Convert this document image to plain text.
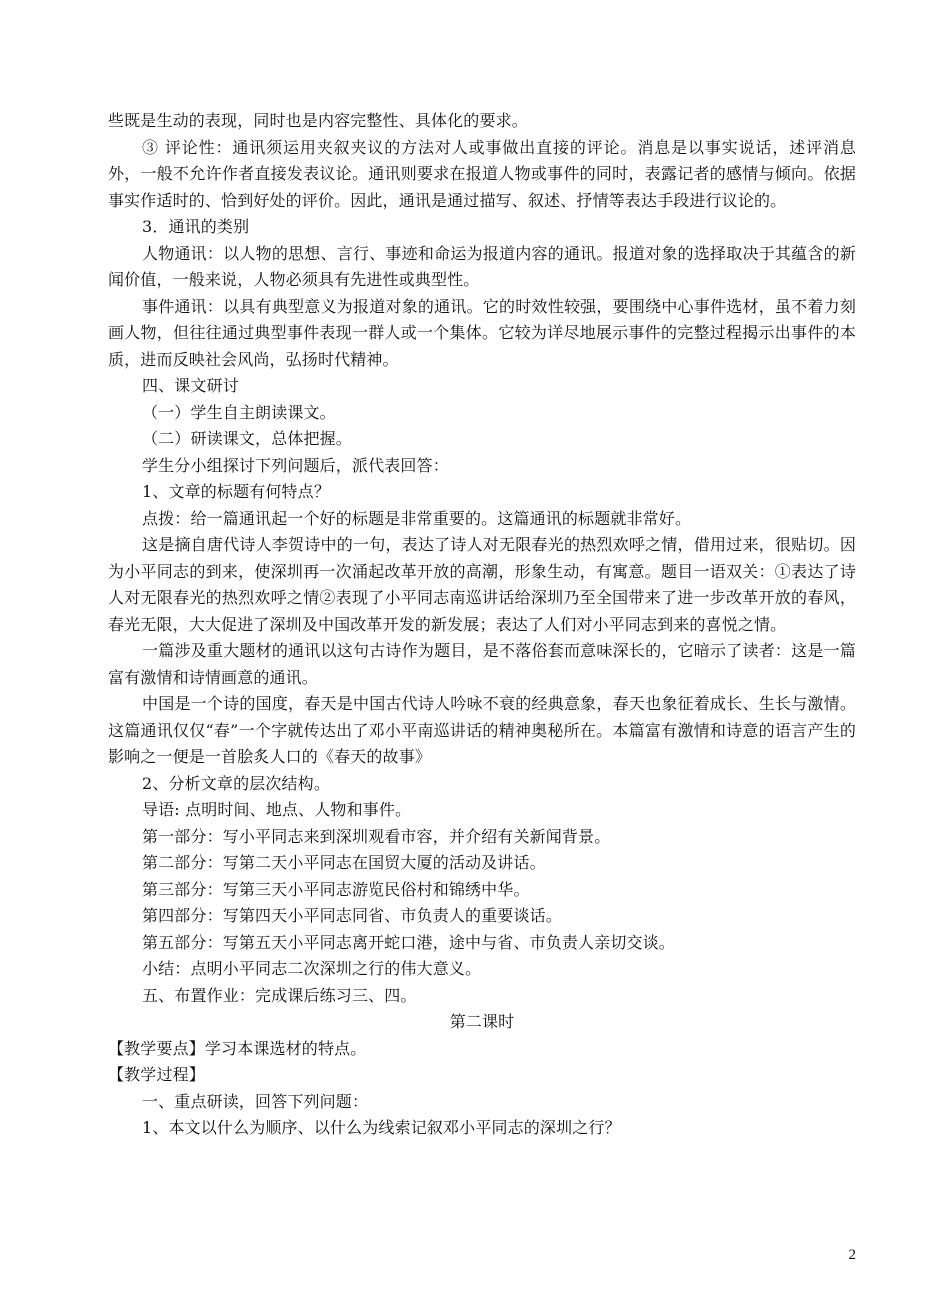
些既是生动的表现，同时也是内容完整性、具体化的要求。

③ 评论性：通讯须运用夹叙夹议的方法对人或事做出直接的评论。消息是以事实说话，述评消息外，一般不允许作者直接发表议论。通讯则要求在报道人物或事件的同时，表露记者的感情与倾向。依据事实作适时的、恰到好处的评价。因此，通讯是通过描写、叙述、抒情等表达手段进行议论的。

3．通讯的类别

人物通讯：以人物的思想、言行、事迹和命运为报道内容的通讯。报道对象的选择取决于其蕴含的新闻价值，一般来说，人物必须具有先进性或典型性。

事件通讯：以具有典型意义为报道对象的通讯。它的时效性较强，要围绕中心事件选材，虽不着力刻画人物，但往往通过典型事件表现一群人或一个集体。它较为详尽地展示事件的完整过程揭示出事件的本质，进而反映社会风尚，弘扬时代精神。

四、课文研讨

（一）学生自主朗读课文。

（二）研读课文，总体把握。

学生分小组探讨下列问题后，派代表回答：

1、文章的标题有何特点？

点拨：给一篇通讯起一个好的标题是非常重要的。这篇通讯的标题就非常好。

这是摘自唐代诗人李贺诗中的一句，表达了诗人对无限春光的热烈欢呼之情，借用过来，很贴切。因为小平同志的到来，使深圳再一次涌起改革开放的高潮，形象生动，有寓意。题目一语双关：①表达了诗人对无限春光的热烈欢呼之情②表现了小平同志南巡讲话给深圳乃至全国带来了进一步改革开放的春风，春光无限，大大促进了深圳及中国改革开发的新发展；表达了人们对小平同志到来的喜悦之情。

一篇涉及重大题材的通讯以这句古诗作为题目，是不落俗套而意味深长的，它暗示了读者：这是一篇富有激情和诗情画意的通讯。

中国是一个诗的国度，春天是中国古代诗人吟咏不衰的经典意象，春天也象征着成长、生长与激情。这篇通讯仅仅“春”一个字就传达出了邓小平南巡讲话的精神奥秘所在。本篇富有激情和诗意的语言产生的影响之一便是一首脍炙人口的《春天的故事》

2、分析文章的层次结构。

导语: 点明时间、地点、人物和事件。

第一部分：写小平同志来到深圳观看市容，并介绍有关新闻背景。

第二部分：写第二天小平同志在国贸大厦的活动及讲话。

第三部分：写第三天小平同志游览民俗村和锦绣中华。

第四部分：写第四天小平同志同省、市负责人的重要谈话。

第五部分：写第五天小平同志离开蛇口港，途中与省、市负责人亲切交谈。

小结：点明小平同志二次深圳之行的伟大意义。

五、布置作业：完成课后练习三、四。

第二课时

【教学要点】学习本课选材的特点。

【教学过程】

一、重点研读，回答下列问题：

1、本文以什么为顺序、以什么为线索记叙邓小平同志的深圳之行？

2
